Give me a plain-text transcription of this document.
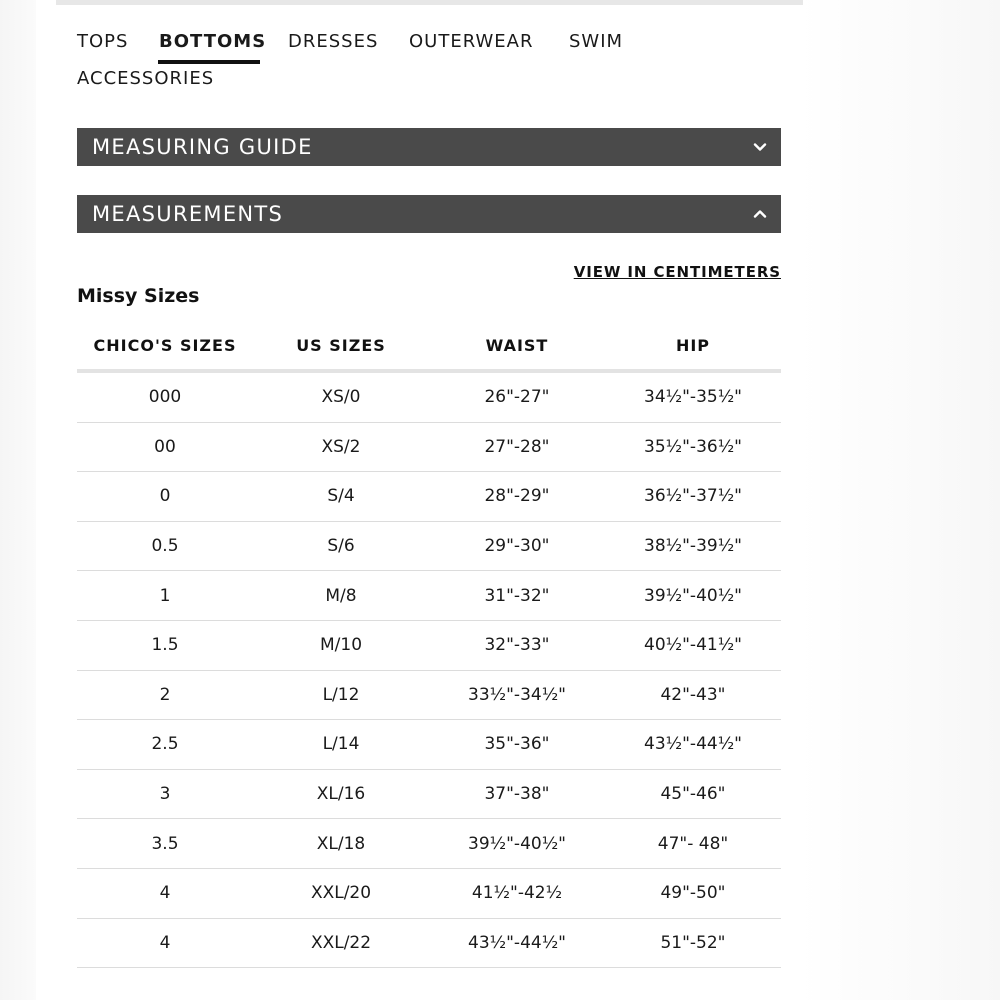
TOPS BOTTOMS DRESSES OUTERWEAR SWIM
ACCESSORIES
MEASURING GUIDE
MEASUREMENTS
VIEW IN CENTIMETERS
Missy Sizes
CHICO'S SIZES	US SIZES	WAIST	HIP
000	XS/0	26"-27"	34½"-35½"
00	XS/2	27"-28"	35½"-36½"
0	S/4	28"-29"	36½"-37½"
0.5	S/6	29"-30"	38½"-39½"
1	M/8	31"-32"	39½"-40½"
1.5	M/10	32"-33"	40½"-41½"
2	L/12	33½"-34½"	42"-43"
2.5	L/14	35"-36"	43½"-44½"
3	XL/16	37"-38"	45"-46"
3.5	XL/18	39½"-40½"	47"- 48"
4	XXL/20	41½"-42½	49"-50"
4	XXL/22	43½"-44½"	51"-52"
